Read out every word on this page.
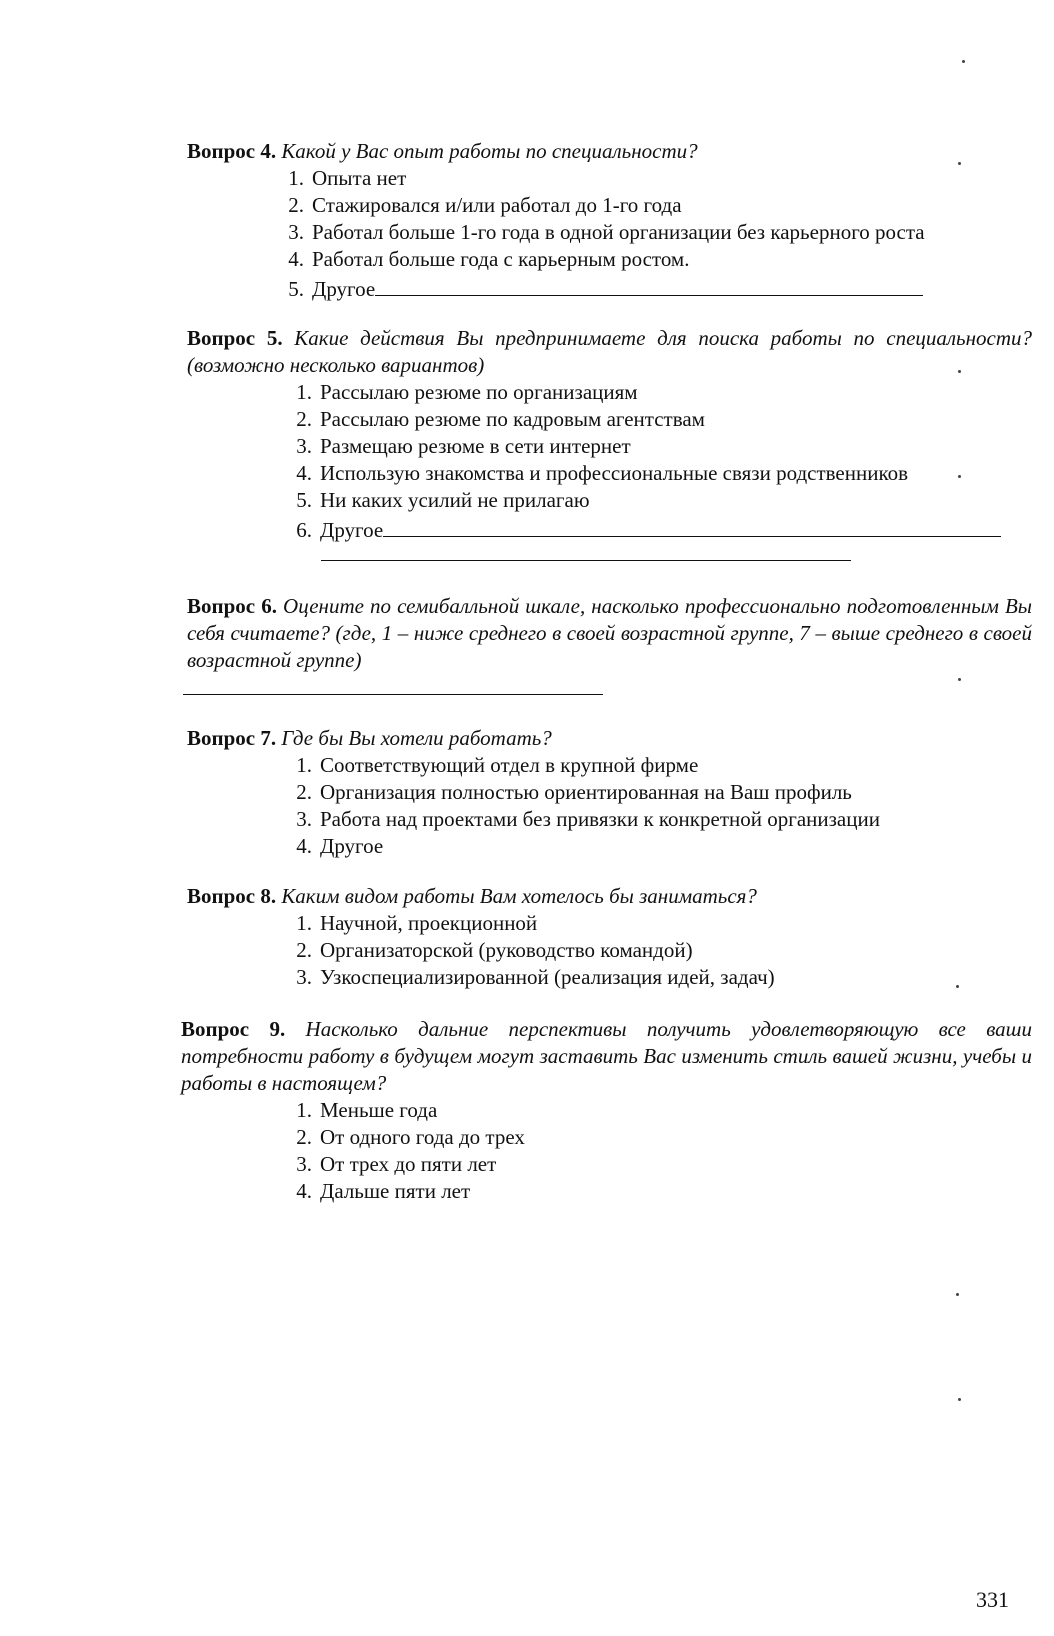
Вопрос 4. Какой у Вас опыт работы по специальности?

1. Опыта нет
2. Стажировался и/или работал до 1-го года
3. Работал больше 1-го года в одной организации без карьерного роста
4. Работал больше года с карьерным ростом.
5. Другое

Вопрос 5. Какие действия Вы предпринимаете для поиска работы по специальности? (возможно несколько вариантов)

1. Рассылаю резюме по организациям
2. Рассылаю резюме по кадровым агентствам
3. Размещаю резюме в сети интернет
4. Использую знакомства и профессиональные связи родственников
5. Ни каких усилий не прилагаю
6. Другое

Вопрос 6. Оцените по семибалльной шкале, насколько профессионально подготовленным Вы себя считаете? (где, 1 – ниже среднего в своей возрастной группе, 7 – выше среднего в своей возрастной группе)

Вопрос 7. Где бы Вы хотели работать?

1. Соответствующий отдел в крупной фирме
2. Организация полностью ориентированная на Ваш профиль
3. Работа над проектами без привязки к конкретной организации
4. Другое

Вопрос 8. Каким видом работы Вам хотелось бы заниматься?

1. Научной, проекционной
2. Организаторской (руководство командой)
3. Узкоспециализированной (реализация идей, задач)

Вопрос 9. Насколько дальние перспективы получить удовлетворяющую все ваши потребности работу в будущем могут заставить Вас изменить стиль вашей жизни, учебы и работы в настоящем?

1. Меньше года
2. От одного года до трех
3. От трех до пяти лет
4. Дальше пяти лет
331
